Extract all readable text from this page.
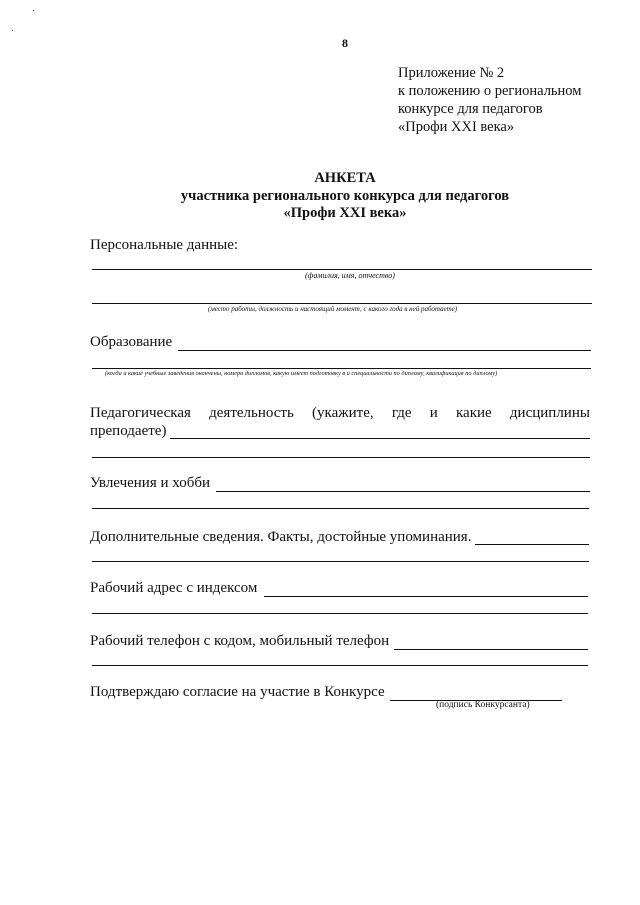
8
Приложение № 2
к положению о региональном
конкурсе для педагогов
«Профи XXI века»
АНКЕТА
участника регионального конкурса для педагогов
«Профи XXI века»
Персональные данные:
(фамилия, имя, отчество)
(место работы, должность и настоящий момент, с какого года в ней работаете)
Образование
(когда и какие учебные заведения окончены, номера дипломов, какую имеет подготовку в и специальности по диплому, квалификация по диплому)
Педагогическая деятельность (укажите, где и какие дисциплины
преподаете)
Увлечения и хобби
Дополнительные сведения. Факты, достойные упоминания.
Рабочий адрес с индексом
Рабочий телефон с кодом, мобильный телефон
Подтверждаю согласие на участие в Конкурсе
(подпись Конкурсанта)
